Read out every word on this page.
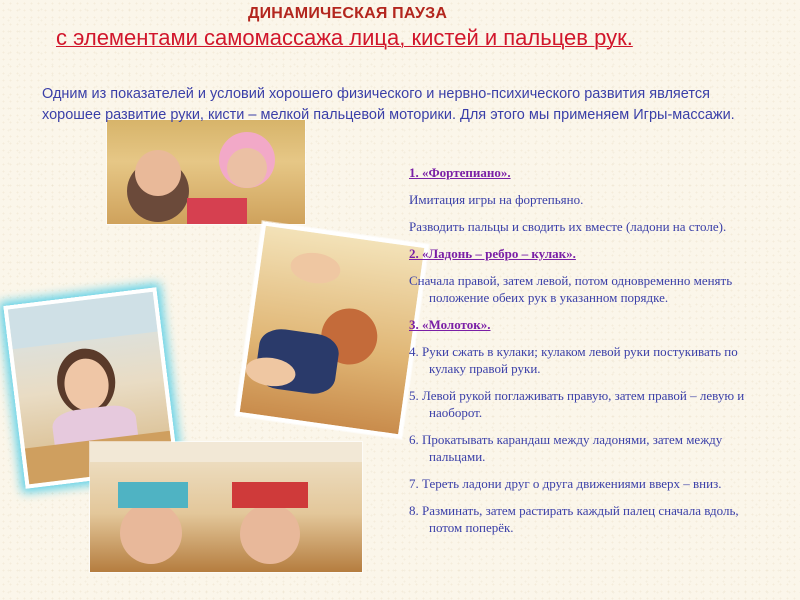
ДИНАМИЧЕСКАЯ ПАУЗА
с элементами самомассажа лица, кистей и пальцев рук.
Одним из показателей и условий хорошего физического и нервно-психического развития является хорошее развитие руки, кисти – мелкой пальцевой моторики. Для этого мы применяем Игры-массажи.
1. «Фортепиано».
Имитация игры на фортепьяно.
Разводить пальцы и сводить их вместе (ладони на столе).
2. «Ладонь – ребро – кулак».
Сначала правой, затем левой, потом одновременно менять положение обеих рук в указанном порядке.
3. «Молоток».
4. Руки сжать в кулаки; кулаком левой руки постукивать по кулаку правой руки.
5. Левой рукой поглаживать правую, затем правой – левую и наоборот.
6. Прокатывать карандаш между ладонями, затем между пальцами.
7. Тереть ладони друг о друга движениями вверх – вниз.
8. Разминать, затем растирать каждый палец сначала вдоль, потом поперёк.
